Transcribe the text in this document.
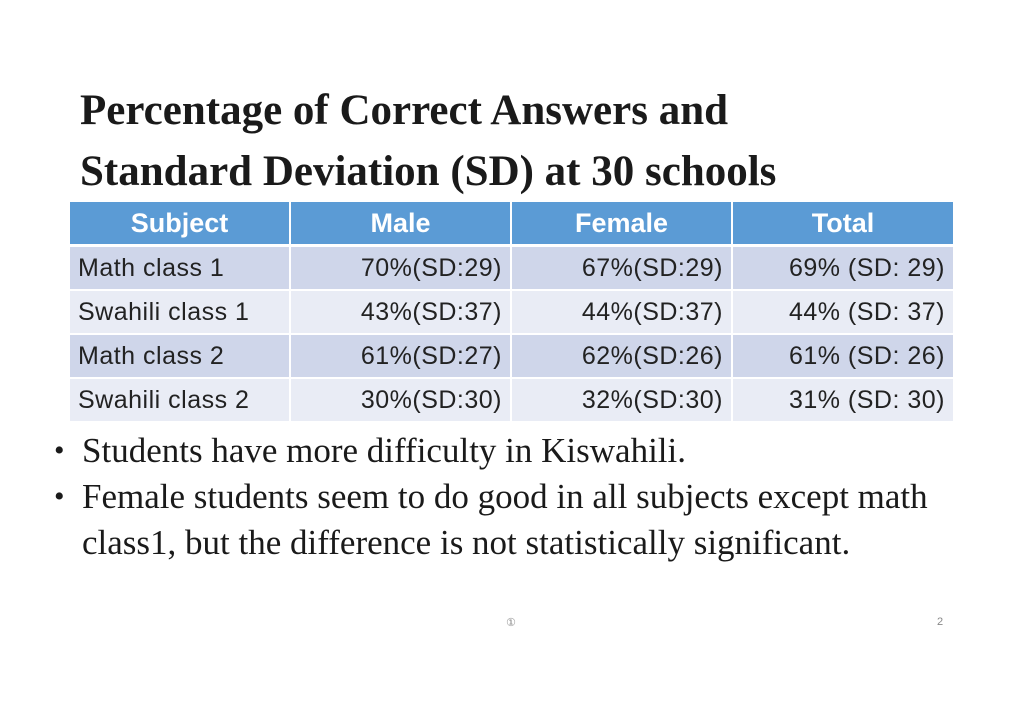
Percentage of Correct Answers and
Standard Deviation (SD) at 30 schools
Subject	Male	Female	Total
Math class 1	70%(SD:29)	67%(SD:29)	69% (SD: 29)
Swahili class 1	43%(SD:37)	44%(SD:37)	44% (SD: 37)
Math class 2	61%(SD:27)	62%(SD:26)	61% (SD: 26)
Swahili class 2	30%(SD:30)	32%(SD:30)	31% (SD: 30)
• Students have more difficulty in Kiswahili.
• Female students seem to do good in all subjects except math class1, but the difference is not statistically significant.
①	2
